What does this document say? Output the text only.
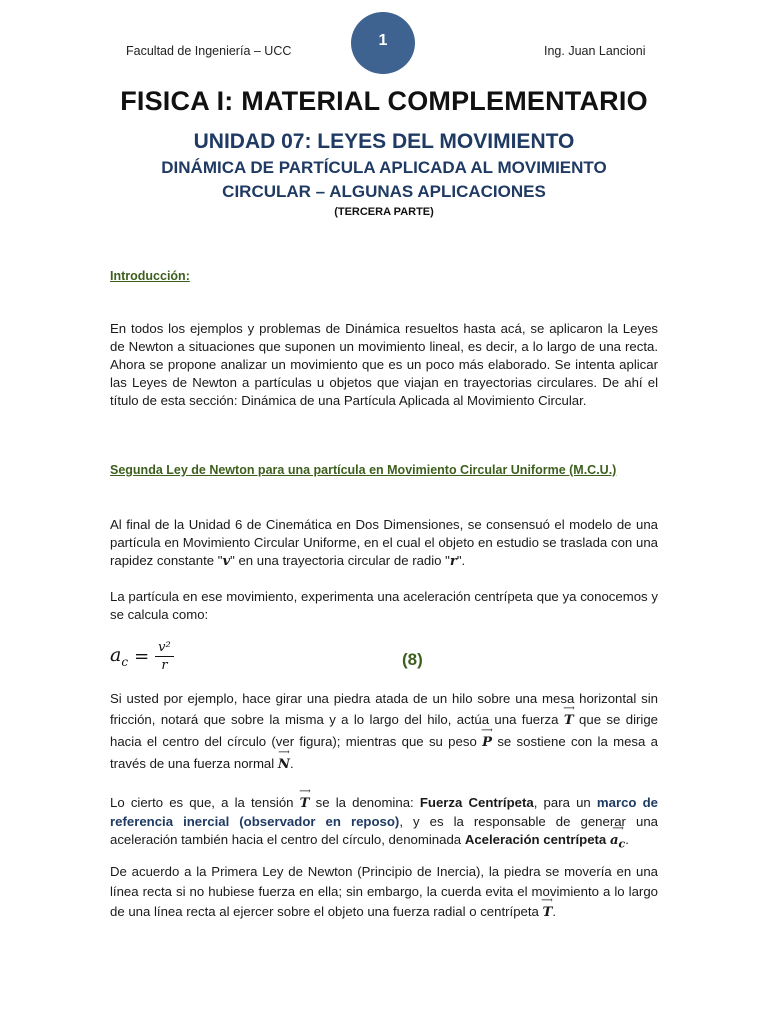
Facultad de Ingeniería – UCC
1
Ing. Juan Lancioni
FISICA I: MATERIAL COMPLEMENTARIO
UNIDAD 07: LEYES DEL MOVIMIENTO
DINÁMICA DE PARTÍCULA APLICADA AL MOVIMIENTO
CIRCULAR – ALGUNAS APLICACIONES
(TERCERA PARTE)
Introducción:
En todos los ejemplos y problemas de Dinámica resueltos hasta acá, se aplicaron la Leyes de Newton a situaciones que suponen un movimiento lineal, es decir, a lo largo de una recta. Ahora se propone analizar un movimiento que es un poco más elaborado. Se intenta aplicar las Leyes de Newton a partículas u objetos que viajan en trayectorias circulares. De ahí el título de esta sección: Dinámica de una Partícula Aplicada al Movimiento Circular.
Segunda Ley de Newton para una partícula en Movimiento Circular Uniforme (M.C.U.)
Al final de la Unidad 6 de Cinemática en Dos Dimensiones, se consensuó el modelo de una partícula en Movimiento Circular Uniforme, en el cual el objeto en estudio se traslada con una rapidez constante "v" en una trayectoria circular de radio "r".
La partícula en ese movimiento, experimenta una aceleración centrípeta que ya conocemos y se calcula como:
$a_c = \frac{\text{v²}}{r}$	(8)
Si usted por ejemplo, hace girar una piedra atada de un hilo sobre una mesa horizontal sin fricción, notará que sobre la misma y a lo largo del hilo, actúa una fuerza ⟶ T que se dirige hacia el centro del círculo (ver figura); mientras que su peso ⟶ P se sostiene con la mesa a través de una fuerza normal ⟶ N.
Lo cierto es que, a la tensión ⟶ T se la denomina: Fuerza Centrípeta, para un marco de referencia inercial (observador en reposo), y es la responsable de generar una aceleración también hacia el centro del círculo, denominada Aceleración centrípeta ⟶ $a_c$.
De acuerdo a la Primera Ley de Newton (Principio de Inercia), la piedra se movería en una línea recta si no hubiese fuerza en ella; sin embargo, la cuerda evita el movimiento a lo largo de una línea recta al ejercer sobre el objeto una fuerza radial o centrípeta ⟶ T.
